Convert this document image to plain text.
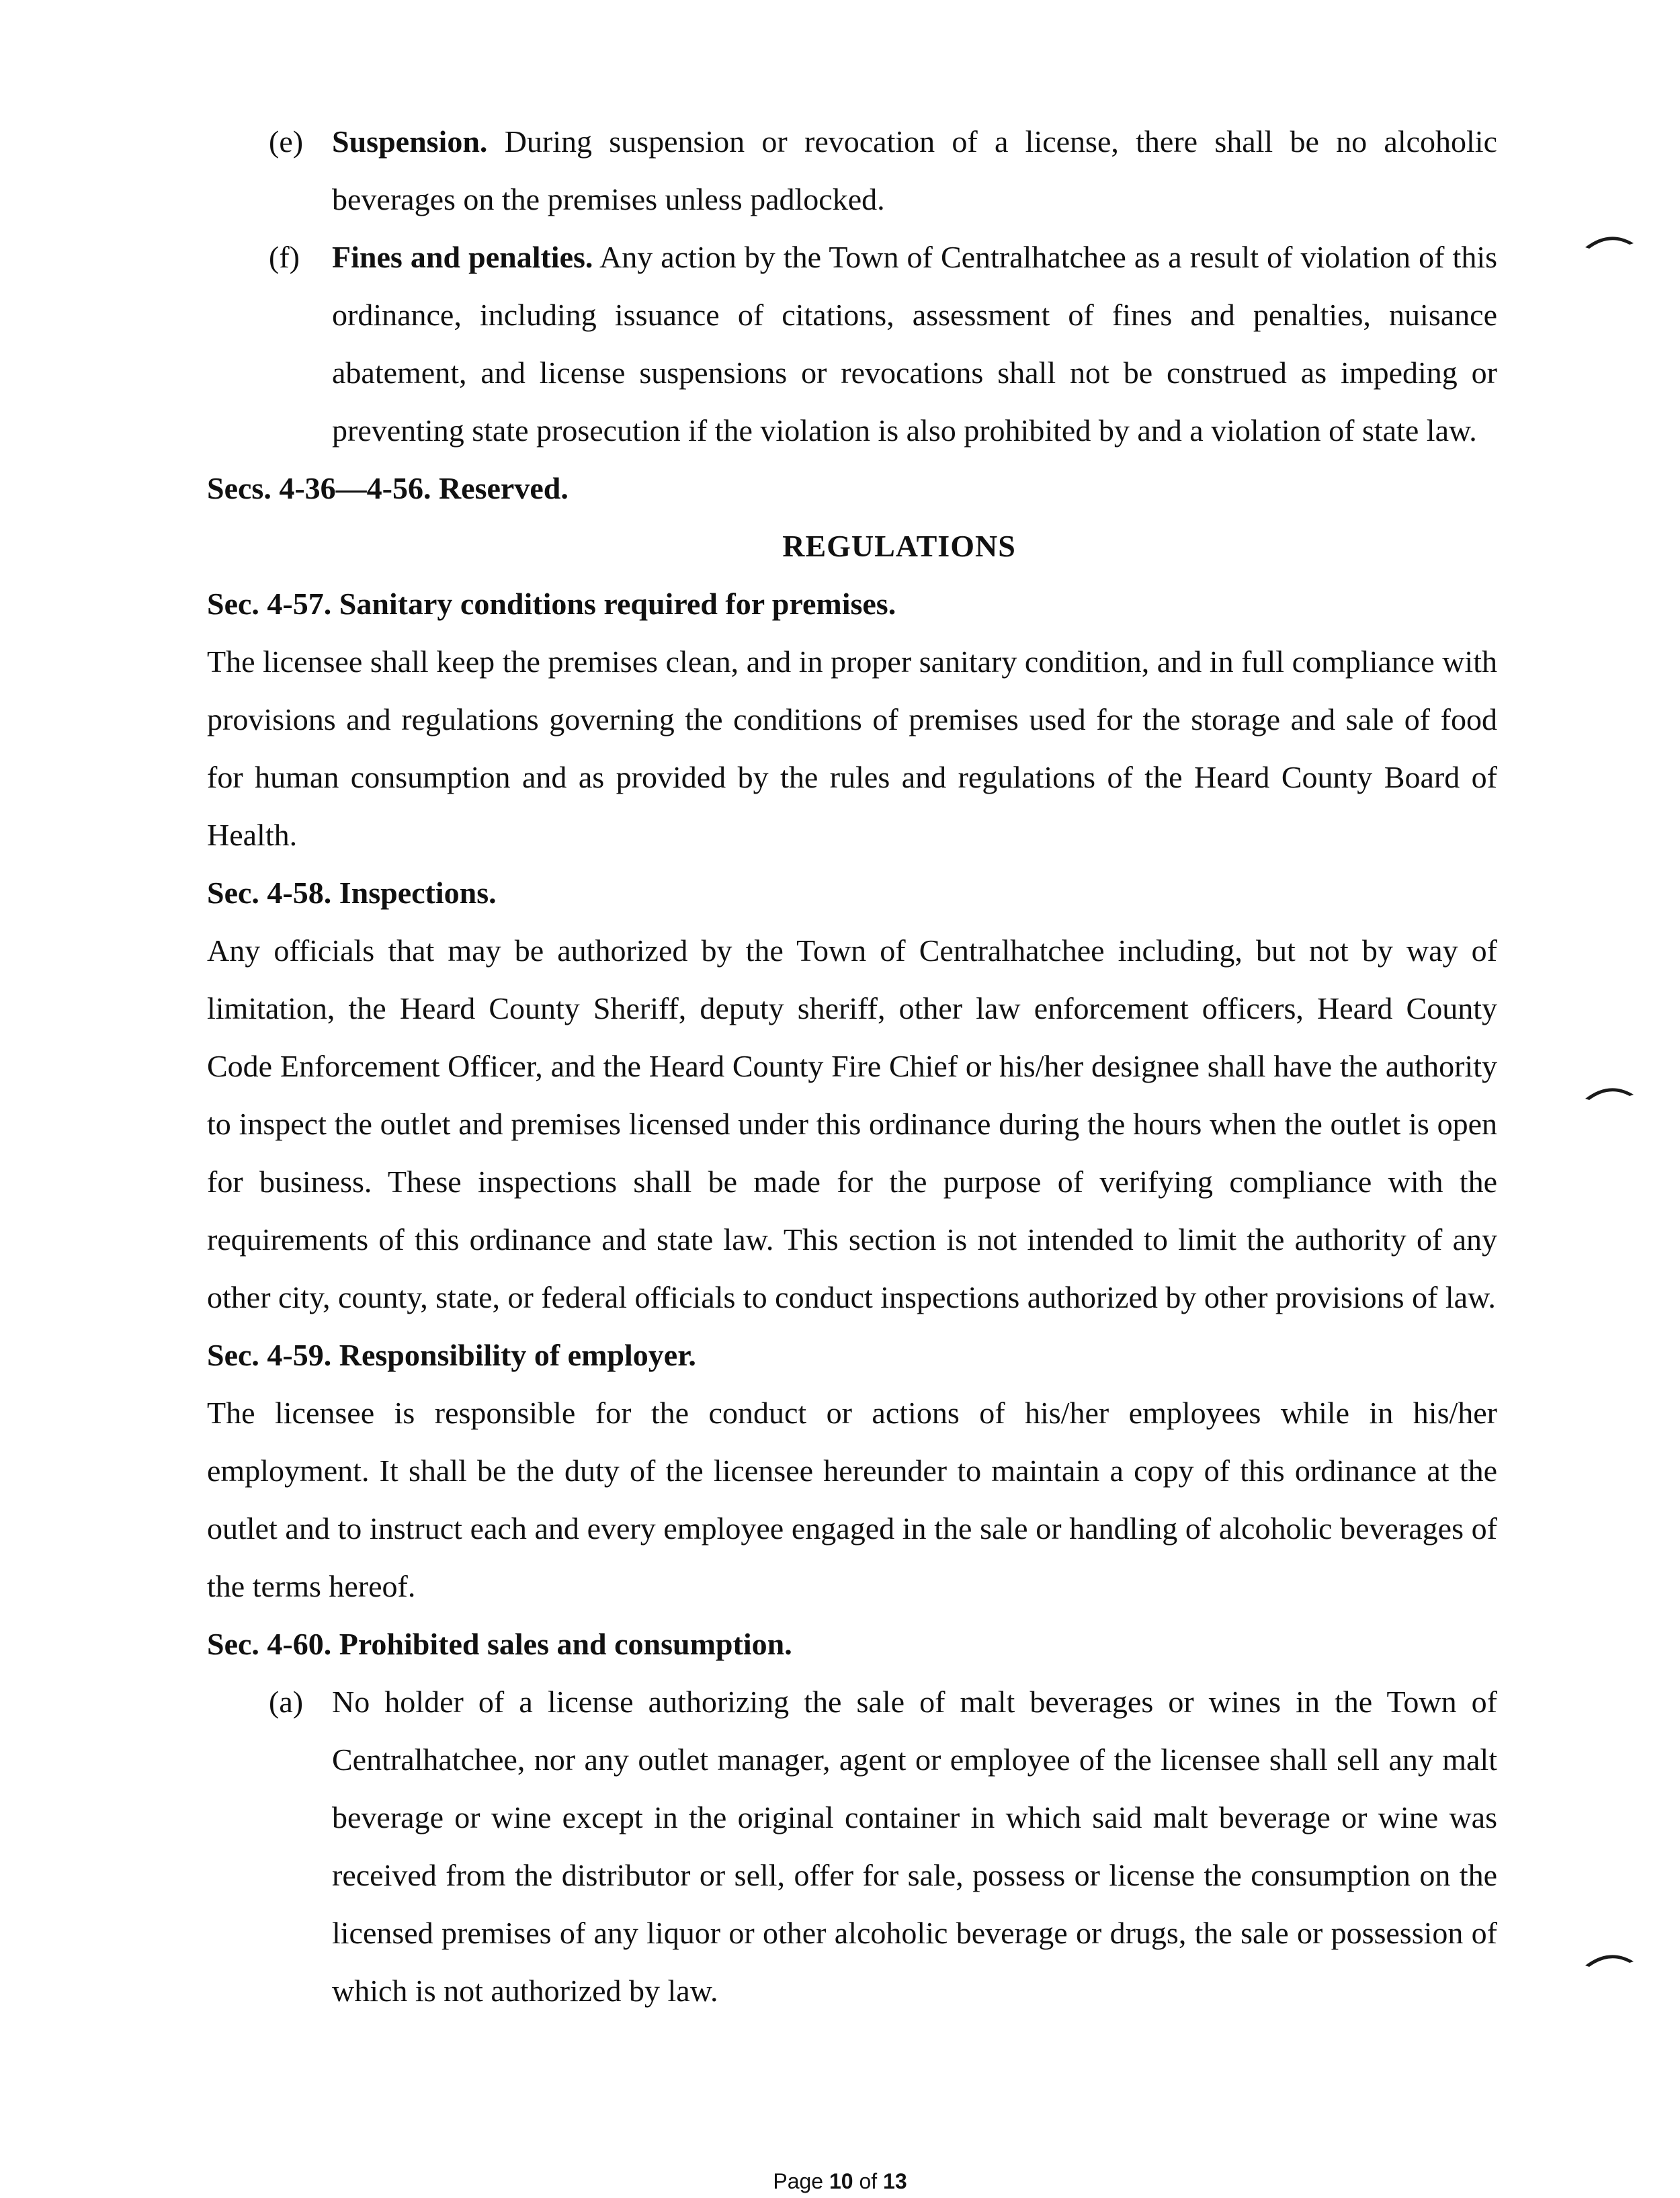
(e) Suspension. During suspension or revocation of a license, there shall be no alcoholic beverages on the premises unless padlocked.
(f) Fines and penalties. Any action by the Town of Centralhatchee as a result of violation of this ordinance, including issuance of citations, assessment of fines and penalties, nuisance abatement, and license suspensions or revocations shall not be construed as impeding or preventing state prosecution if the violation is also prohibited by and a violation of state law.
Secs. 4-36—4-56. Reserved.
REGULATIONS
Sec. 4-57. Sanitary conditions required for premises.
The licensee shall keep the premises clean, and in proper sanitary condition, and in full compliance with provisions and regulations governing the conditions of premises used for the storage and sale of food for human consumption and as provided by the rules and regulations of the Heard County Board of Health.
Sec. 4-58. Inspections.
Any officials that may be authorized by the Town of Centralhatchee including, but not by way of limitation, the Heard County Sheriff, deputy sheriff, other law enforcement officers, Heard County Code Enforcement Officer, and the Heard County Fire Chief or his/her designee shall have the authority to inspect the outlet and premises licensed under this ordinance during the hours when the outlet is open for business. These inspections shall be made for the purpose of verifying compliance with the requirements of this ordinance and state law. This section is not intended to limit the authority of any other city, county, state, or federal officials to conduct inspections authorized by other provisions of law.
Sec. 4-59. Responsibility of employer.
The licensee is responsible for the conduct or actions of his/her employees while in his/her employment. It shall be the duty of the licensee hereunder to maintain a copy of this ordinance at the outlet and to instruct each and every employee engaged in the sale or handling of alcoholic beverages of the terms hereof.
Sec. 4-60. Prohibited sales and consumption.
(a) No holder of a license authorizing the sale of malt beverages or wines in the Town of Centralhatchee, nor any outlet manager, agent or employee of the licensee shall sell any malt beverage or wine except in the original container in which said malt beverage or wine was received from the distributor or sell, offer for sale, possess or license the consumption on the licensed premises of any liquor or other alcoholic beverage or drugs, the sale or possession of which is not authorized by law.
Page 10 of 13
